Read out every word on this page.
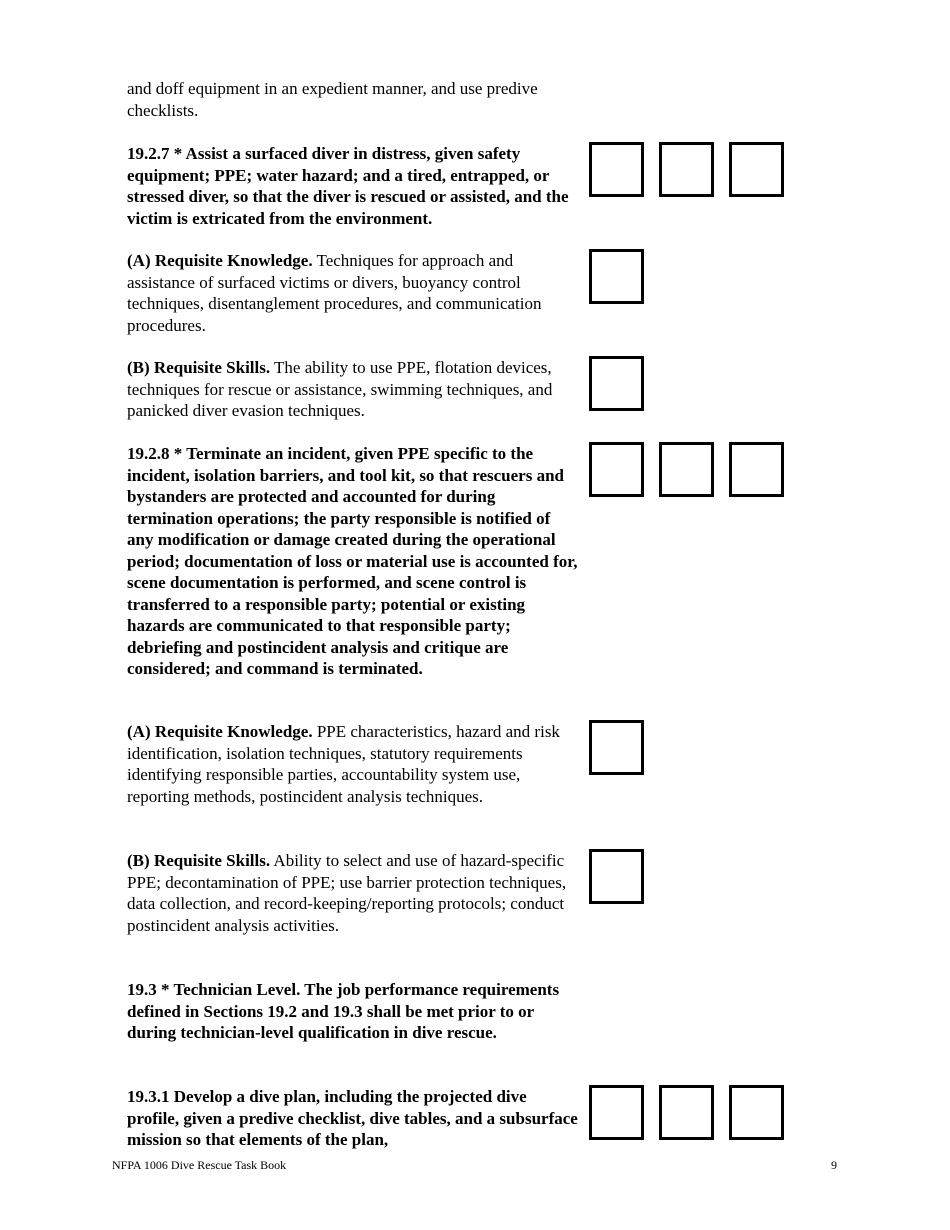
and doff equipment in an expedient manner, and use predive checklists.

19.2.7 * Assist a surfaced diver in distress, given safety equipment; PPE; water hazard; and a tired, entrapped, or stressed diver, so that the diver is rescued or assisted, and the victim is extricated from the environment.

(A) Requisite Knowledge. Techniques for approach and assistance of surfaced victims or divers, buoyancy control techniques, disentanglement procedures, and communication procedures.

(B) Requisite Skills. The ability to use PPE, flotation devices, techniques for rescue or assistance, swimming techniques, and panicked diver evasion techniques.

19.2.8 * Terminate an incident, given PPE specific to the incident, isolation barriers, and tool kit, so that rescuers and bystanders are protected and accounted for during termination operations; the party responsible is notified of any modification or damage created during the operational period; documentation of loss or material use is accounted for, scene documentation is performed, and scene control is transferred to a responsible party; potential or existing hazards are communicated to that responsible party; debriefing and postincident analysis and critique are considered; and command is terminated.

(A) Requisite Knowledge. PPE characteristics, hazard and risk identification, isolation techniques, statutory requirements identifying responsible parties, accountability system use, reporting methods, postincident analysis techniques.

(B) Requisite Skills. Ability to select and use of hazard-specific PPE; decontamination of PPE; use barrier protection techniques, data collection, and record-keeping/reporting protocols; conduct postincident analysis activities.

19.3 * Technician Level. The job performance requirements defined in Sections 19.2 and 19.3 shall be met prior to or during technician-level qualification in dive rescue.

19.3.1 Develop a dive plan, including the projected dive profile, given a predive checklist, dive tables, and a subsurface mission so that elements of the plan,

NFPA 1006 Dive Rescue Task Book	9
